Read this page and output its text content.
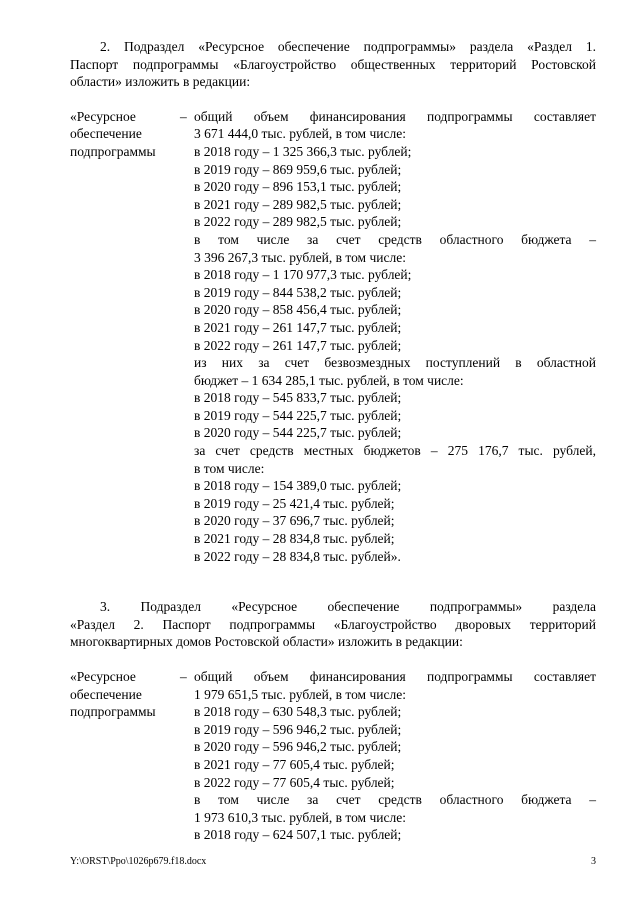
2. Подраздел «Ресурсное обеспечение подпрограммы» раздела «Раздел 1.
Паспорт подпрограммы «Благоустройство общественных территорий Ростовской
области» изложить в редакции:
«Ресурсное
обеспечение
подпрограммы
– общий объем финансирования подпрограммы составляет
3 671 444,0 тыс. рублей, в том числе:
в 2018 году – 1 325 366,3 тыс. рублей;
в 2019 году – 869 959,6 тыс. рублей;
в 2020 году – 896 153,1 тыс. рублей;
в 2021 году – 289 982,5 тыс. рублей;
в 2022 году – 289 982,5 тыс. рублей;
в том числе за счет средств областного бюджета –
3 396 267,3 тыс. рублей, в том числе:
в 2018 году – 1 170 977,3 тыс. рублей;
в 2019 году – 844 538,2 тыс. рублей;
в 2020 году – 858 456,4 тыс. рублей;
в 2021 году – 261 147,7 тыс. рублей;
в 2022 году – 261 147,7 тыс. рублей;
из них за счет безвозмездных поступлений в областной
бюджет – 1 634 285,1 тыс. рублей, в том числе:
в 2018 году – 545 833,7 тыс. рублей;
в 2019 году – 544 225,7 тыс. рублей;
в 2020 году – 544 225,7 тыс. рублей;
за счет средств местных бюджетов – 275 176,7 тыс. рублей,
в том числе:
в 2018 году – 154 389,0 тыс. рублей;
в 2019 году – 25 421,4 тыс. рублей;
в 2020 году – 37 696,7 тыс. рублей;
в 2021 году – 28 834,8 тыс. рублей;
в 2022 году – 28 834,8 тыс. рублей».
3. Подраздел «Ресурсное обеспечение подпрограммы» раздела
«Раздел 2. Паспорт подпрограммы «Благоустройство дворовых территорий
многоквартирных домов Ростовской области» изложить в редакции:
«Ресурсное
обеспечение
подпрограммы
– общий объем финансирования подпрограммы составляет
1 979 651,5 тыс. рублей, в том числе:
в 2018 году – 630 548,3 тыс. рублей;
в 2019 году – 596 946,2 тыс. рублей;
в 2020 году – 596 946,2 тыс. рублей;
в 2021 году – 77 605,4 тыс. рублей;
в 2022 году – 77 605,4 тыс. рублей;
в том числе за счет средств областного бюджета –
1 973 610,3 тыс. рублей, в том числе:
в 2018 году – 624 507,1 тыс. рублей;
Y:\ORST\Ppo\1026p679.f18.docx	3
